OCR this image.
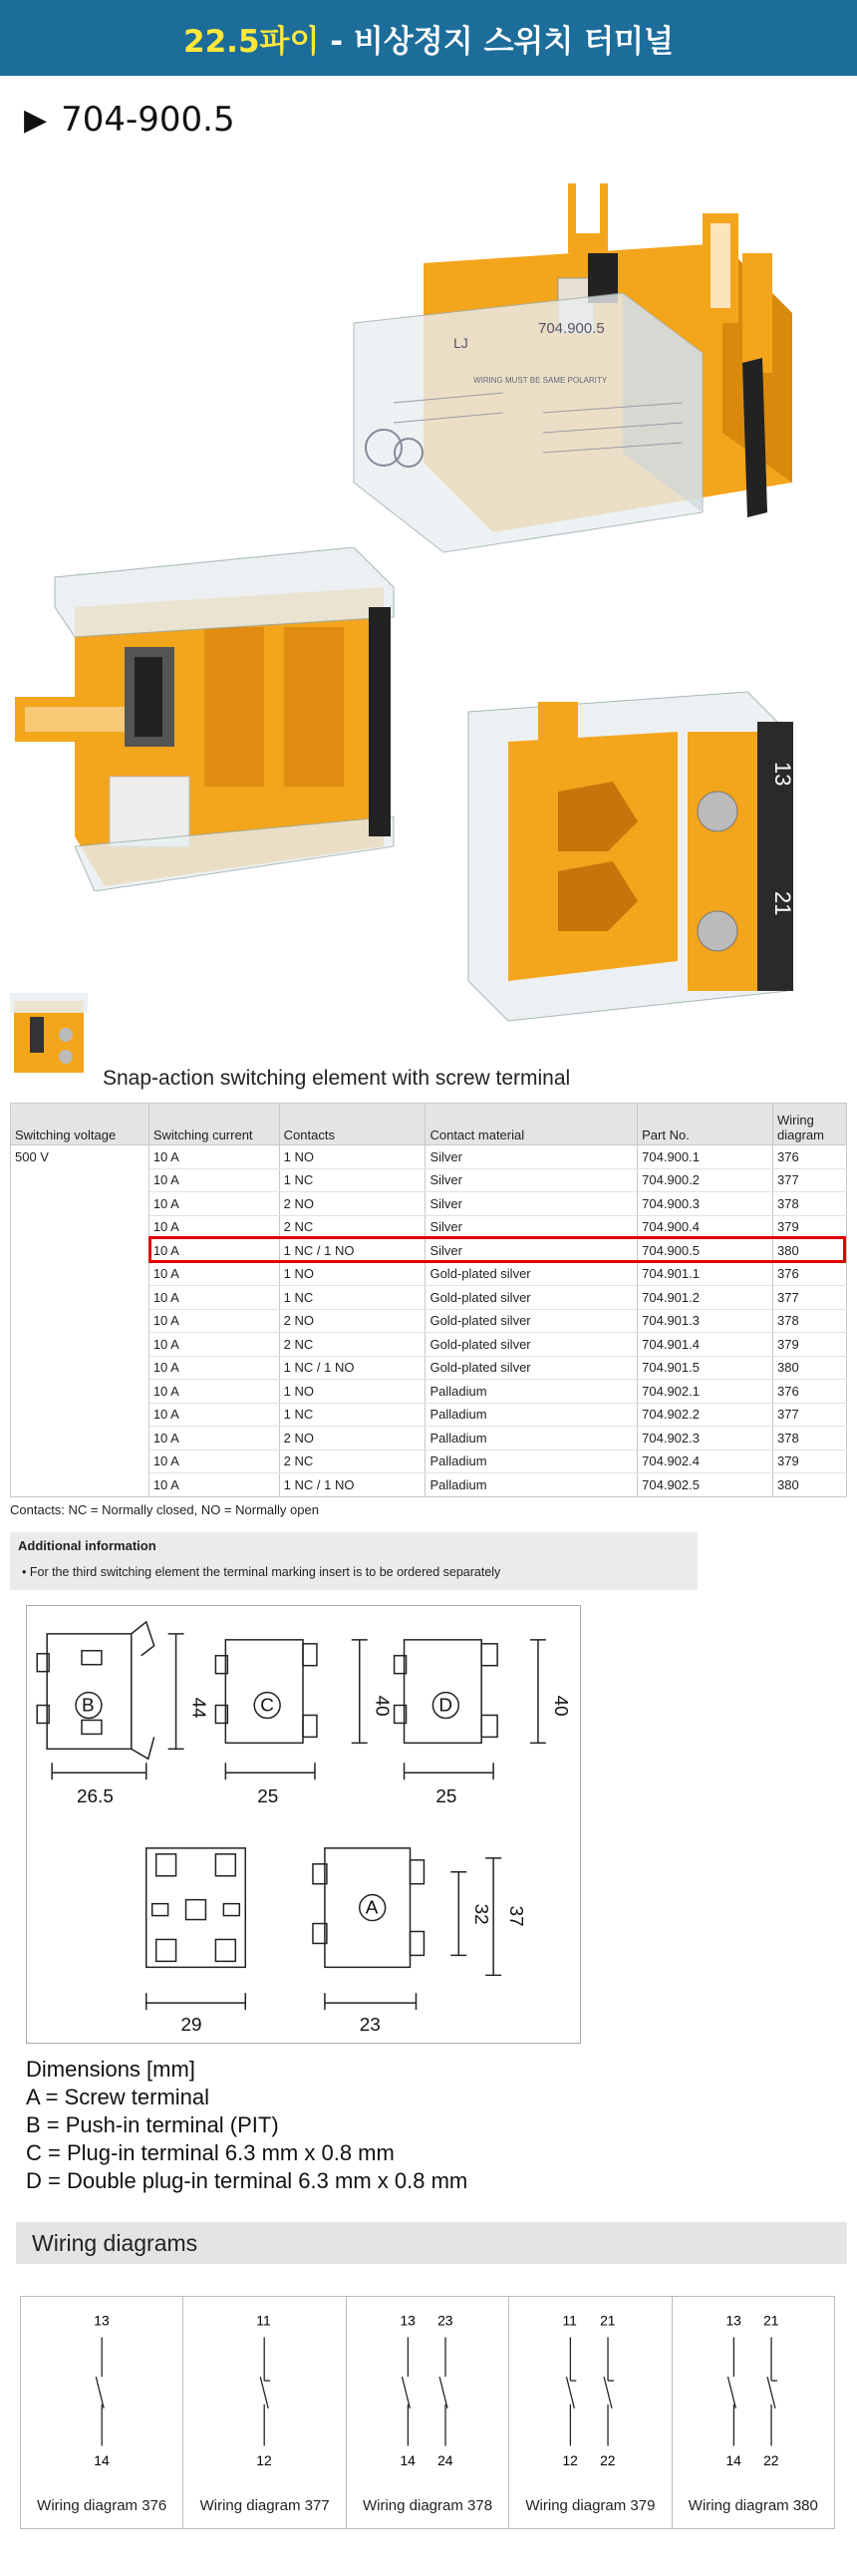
22.5파이 - 비상정지 스위치 터미널
▶ 704-900.5
LJ
704.900.5
WIRING MUST BE SAME POLARITY
13
21
Snap-action switching element with screw terminal
Switching voltage	Switching current	Contacts	Contact material	Part No.	Wiring diagram
500 V	10 A	1 NO	Silver	704.900.1	376
	10 A	1 NC	Silver	704.900.2	377
	10 A	2 NO	Silver	704.900.3	378
	10 A	2 NC	Silver	704.900.4	379
	10 A	1 NC / 1 NO	Silver	704.900.5	380
	10 A	1 NO	Gold-plated silver	704.901.1	376
	10 A	1 NC	Gold-plated silver	704.901.2	377
	10 A	2 NO	Gold-plated silver	704.901.3	378
	10 A	2 NC	Gold-plated silver	704.901.4	379
	10 A	1 NC / 1 NO	Gold-plated silver	704.901.5	380
	10 A	1 NO	Palladium	704.902.1	376
	10 A	1 NC	Palladium	704.902.2	377
	10 A	2 NO	Palladium	704.902.3	378
	10 A	2 NC	Palladium	704.902.4	379
	10 A	1 NC / 1 NO	Palladium	704.902.5	380
Contacts: NC = Normally closed, NO = Normally open
Additional information
• For the third switching element the terminal marking insert is to be ordered separately
B
26.5
44	C
25
40 D
25
40
29
A
23
32 37
Dimensions [mm]
A = Screw terminal
B = Push-in terminal (PIT)
C = Plug-in terminal 6.3 mm x 0.8 mm
D = Double plug-in terminal 6.3 mm x 0.8 mm
Wiring diagrams
13
14
Wiring diagram 376
11
12
Wiring diagram 377
13 23
14 24
Wiring diagram 378
11 21
12 22
Wiring diagram 379
13 21
14 22
Wiring diagram 380
